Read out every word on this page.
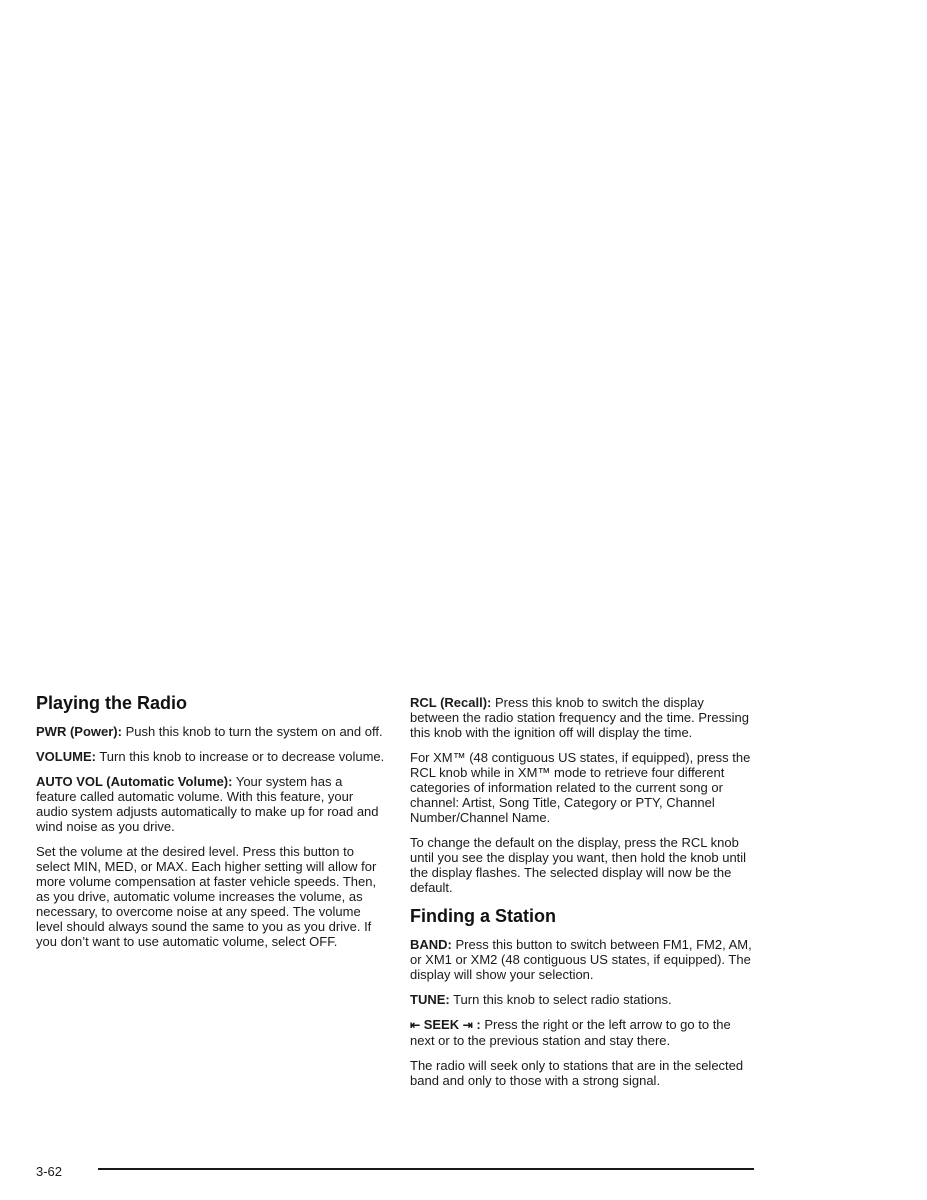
Playing the Radio

PWR (Power): Push this knob to turn the system on and off.

VOLUME: Turn this knob to increase or to decrease volume.

AUTO VOL (Automatic Volume): Your system has a feature called automatic volume. With this feature, your audio system adjusts automatically to make up for road and wind noise as you drive.

Set the volume at the desired level. Press this button to select MIN, MED, or MAX. Each higher setting will allow for more volume compensation at faster vehicle speeds. Then, as you drive, automatic volume increases the volume, as necessary, to overcome noise at any speed. The volume level should always sound the same to you as you drive. If you don’t want to use automatic volume, select OFF.

RCL (Recall): Press this knob to switch the display between the radio station frequency and the time. Pressing this knob with the ignition off will display the time.

For XM™ (48 contiguous US states, if equipped), press the RCL knob while in XM™ mode to retrieve four different categories of information related to the current song or channel: Artist, Song Title, Category or PTY, Channel Number/Channel Name.

To change the default on the display, press the RCL knob until you see the display you want, then hold the knob until the display flashes. The selected display will now be the default.

Finding a Station

BAND: Press this button to switch between FM1, FM2, AM, or XM1 or XM2 (48 contiguous US states, if equipped). The display will show your selection.

TUNE: Turn this knob to select radio stations.

⇤ SEEK ⇥ : Press the right or the left arrow to go to the next or to the previous station and stay there.

The radio will seek only to stations that are in the selected band and only to those with a strong signal.

3-62
